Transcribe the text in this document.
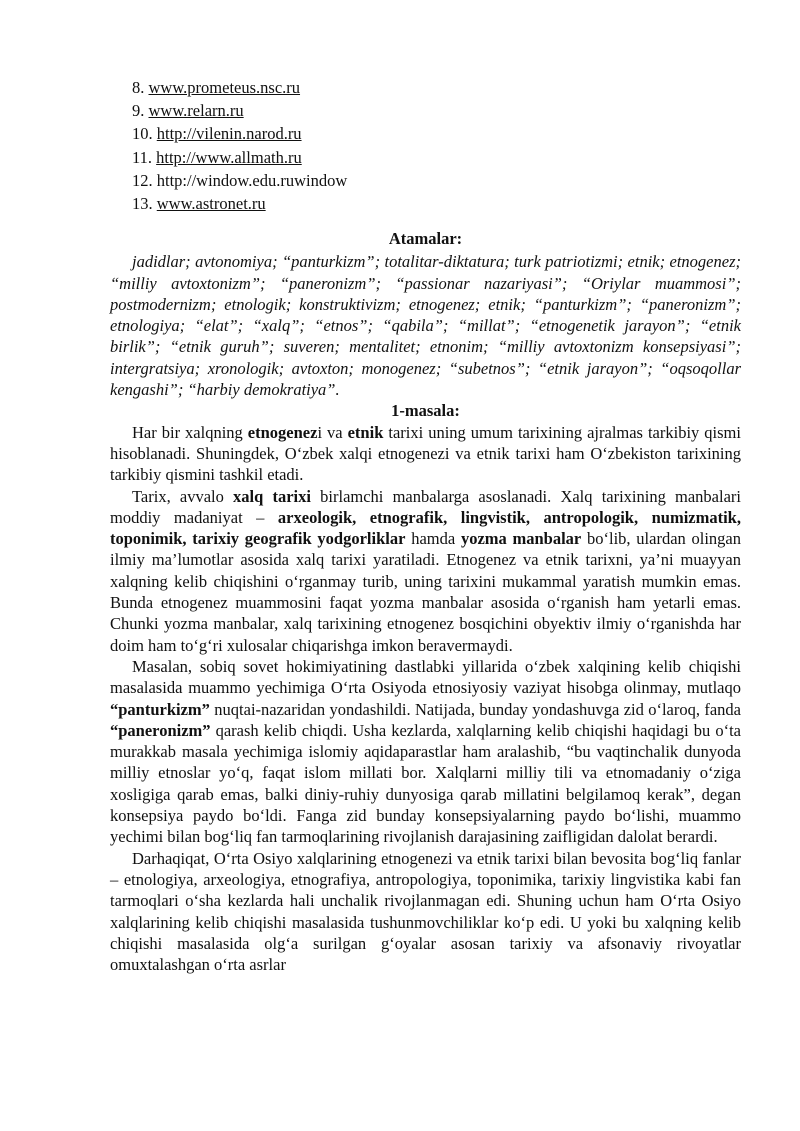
8. www.prometeus.nsc.ru
9. www.relarn.ru
10. http://vilenin.narod.ru
11. http://www.allmath.ru
12. http://window.edu.ruwindow
13. www.astronet.ru

Atamalar:

jadidlar; avtonomiya; “panturkizm”; totalitar-diktatura; turk patriotizmi; etnik; etnogenez; “milliy avtoxtonizm”; “paneronizm”; “passionar nazariyasi”; “Oriylar muammosi”; postmodernizm; etnologik; konstruktivizm; etnogenez; etnik; “panturkizm”; “paneronizm”; etnologiya; “elat”; “xalq”; “etnos”; “qabila”; “millat”; “etnogenetik jarayon”; “etnik birlik”; “etnik guruh”; suveren; mentalitet; etnonim; “milliy avtoxtonizm konsepsiyasi”; intergratsiya; xronologik; avtoxton; monogenez; “subetnos”; “etnik jarayon”; “oqsoqollar kengashi”; “harbiy demokratiya”.

1-masala:

Har bir xalqning etnogenezi va etnik tarixi uning umum tarixining ajralmas tarkibiy qismi hisoblanadi. Shuningdek, O‘zbek xalqi etnogenezi va etnik tarixi ham O‘zbekiston tarixining tarkibiy qismini tashkil etadi.

Tarix, avvalo xalq tarixi birlamchi manbalarga asoslanadi. Xalq tarixining manbalari moddiy madaniyat – arxeologik, etnografik, lingvistik, antropologik, numizmatik, toponimik, tarixiy geografik yodgorliklar hamda yozma manbalar bo‘lib, ulardan olingan ilmiy ma’lumotlar asosida xalq tarixi yaratiladi. Etnogenez va etnik tarixni, ya’ni muayyan xalqning kelib chiqishini o‘rganmay turib, uning tarixini mukammal yaratish mumkin emas. Bunda etnogenez muammosini faqat yozma manbalar asosida o‘rganish ham yetarli emas. Chunki yozma manbalar, xalq tarixining etnogenez bosqichini obyektiv ilmiy o‘rganishda har doim ham to‘g‘ri xulosalar chiqarishga imkon beravermaydi.

Masalan, sobiq sovet hokimiyatining dastlabki yillarida o‘zbek xalqining kelib chiqishi masalasida muammo yechimiga O‘rta Osiyoda etnosiyosiy vaziyat hisobga olinmay, mutlaqo “panturkizm” nuqtai-nazaridan yondashildi. Natijada, bunday yondashuvga zid o‘laroq, fanda “paneronizm” qarash kelib chiqdi. Usha kezlarda, xalqlarning kelib chiqishi haqidagi bu o‘ta murakkab masala yechimiga islomiy aqidaparastlar ham aralashib, “bu vaqtinchalik dunyoda milliy etnoslar yo‘q, faqat islom millati bor. Xalqlarni milliy tili va etnomadaniy o‘ziga xosligiga qarab emas, balki diniy-ruhiy dunyosiga qarab millatini belgilamoq kerak”, degan konsepsiya paydo bo‘ldi. Fanga zid bunday konsepsiyalarning paydo bo‘lishi, muammo yechimi bilan bog‘liq fan tarmoqlarining rivojlanish darajasining zaifligidan dalolat berardi.

Darhaqiqat, O‘rta Osiyo xalqlarining etnogenezi va etnik tarixi bilan bevosita bog‘liq fanlar – etnologiya, arxeologiya, etnografiya, antropologiya, toponimika, tarixiy lingvistika kabi fan tarmoqlari o‘sha kezlarda hali unchalik rivojlanmagan edi. Shuning uchun ham O‘rta Osiyo xalqlarining kelib chiqishi masalasida tushunmovchiliklar ko‘p edi. U yoki bu xalqning kelib chiqishi masalasida olg‘a surilgan g‘oyalar asosan tarixiy va afsonaviy rivoyatlar omuxtalashgan o‘rta asrlar
